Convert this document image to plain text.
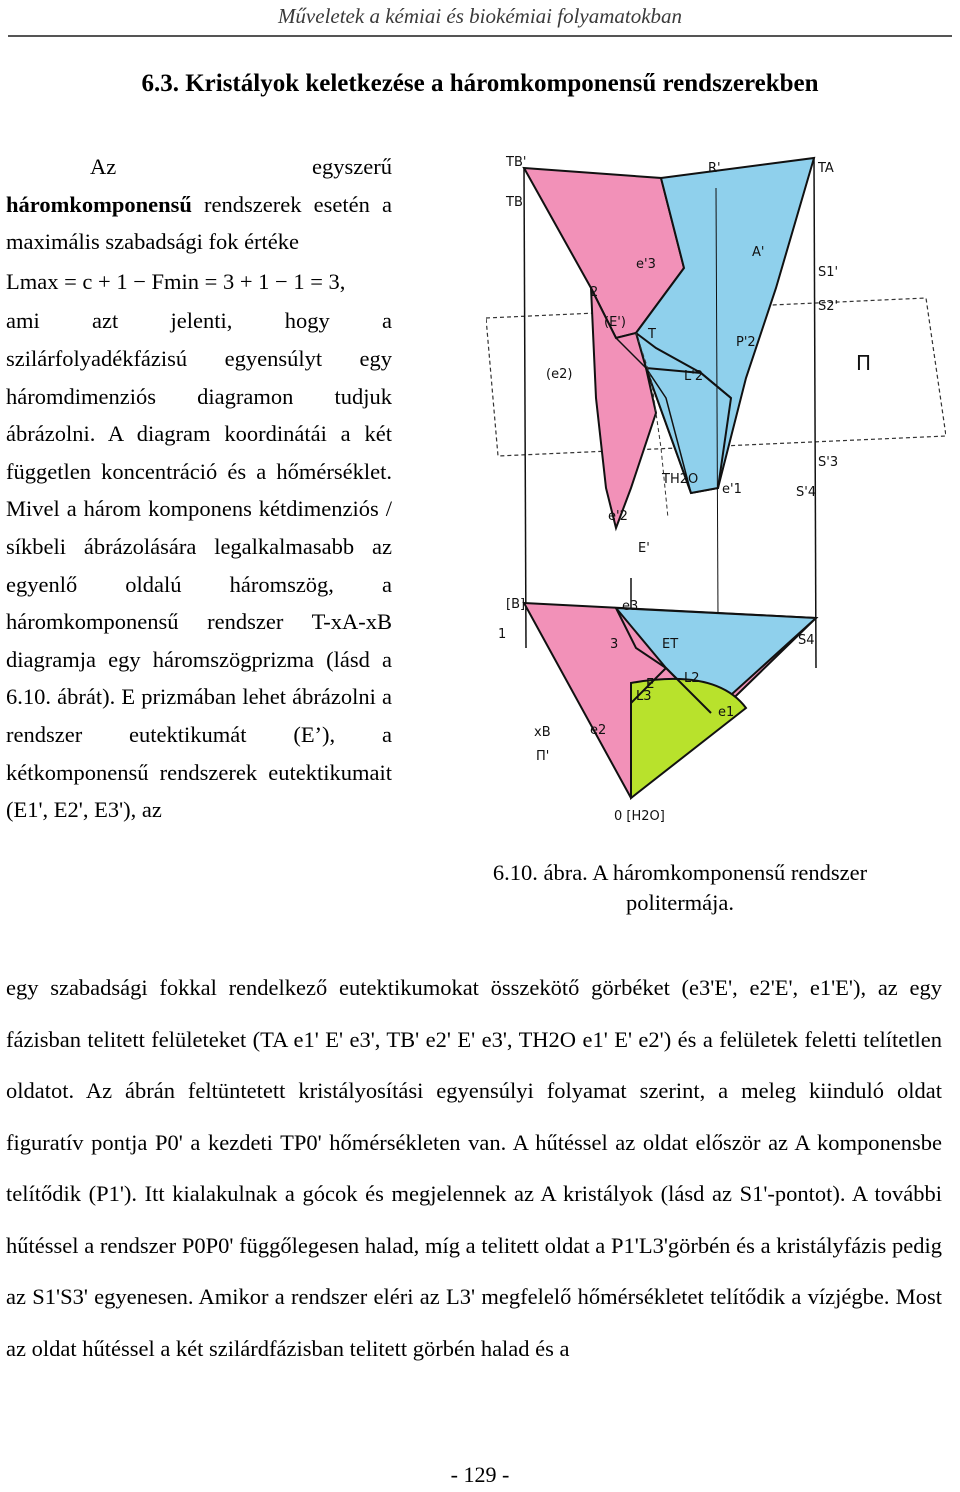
Műveletek a kémiai és biokémiai folyamatokban
6.3. Kristályok keletkezése a háromkomponensű rendszerekben

Az egyszerű háromkomponensű rendszerek esetén a maximális szabadsági fok értéke

Lmax = c + 1 − Fmin = 3 + 1 − 1 = 3,

ami azt jelenti, hogy a szilárfolyadékfázisú egyensúlyt egy háromdimenziós diagramon tudjuk ábrázolni. A diagram koordinátái a két független koncentráció és a hőmérséklet. Mivel a három komponens kétdimenziós / síkbeli ábrázolására legalkalmasabb az egyenlő oldalú háromszög, a háromkomponensű rendszer T-xA-xB diagramja egy háromszögprizma (lásd a 6.10. ábrát). E prizmában lehet ábrázolni a rendszer eutektikumát (E’), a kétkomponensű rendszerek eutektikumait (E1', E2', E3'), az

TB'
TB
R'	TA
A'
S1'
S2'
Π
e'3
(E')
T
(e2)	L'2
P'2
S'3
S'4
TH2O
e'1
e'2
E'
2
1
e3
[B]
ET
E
L3
L2
S4
e1
e2
xB
Π'
0 [H2O]
3
6.10. ábra. A háromkomponensű rendszer
politermája.

egy szabadsági fokkal rendelkező eutektikumokat összekötő görbéket (e3'E', e2'E', e1'E'), az egy fázisban telitett felületeket (TA e1' E' e3', TB' e2' E' e3', TH2O e1' E' e2') és a felületek feletti telítetlen oldatot. Az ábrán feltüntetett kristályosítási egyensúlyi folyamat szerint, a meleg kiinduló oldat figuratív pontja P0' a kezdeti TP0' hőmérsékleten van. A hűtéssel az oldat először az A komponensbe telítődik (P1'). Itt kialakulnak a gócok és megjelennek az A kristályok (lásd az S1'-pontot). A további hűtéssel a rendszer P0P0' függőlegesen halad, míg a telitett oldat a P1'L3'görbén és a kristályfázis pedig az S1'S3' egyenesen. Amikor a rendszer eléri az L3' megfelelő hőmérsékletet telítődik a vízjégbe. Most az oldat hűtéssel a két szilárdfázisban telitett görbén halad és a

- 129 -
